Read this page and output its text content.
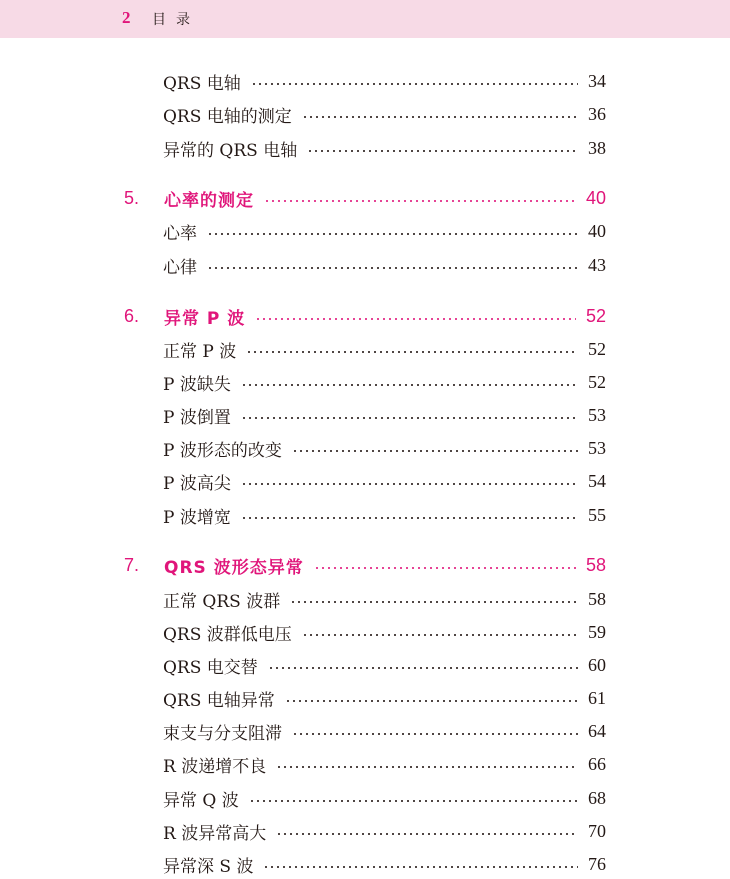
2 目录
QRS 电轴	34
QRS 电轴的测定	36
异常的 QRS 电轴	38
5.	心率的测定	40
心率	40
心律	43
6.	异常 P 波	52
正常 P 波	52
P 波缺失	52
P 波倒置	53
P 波形态的改变	53
P 波高尖	54
P 波增宽	55
7.	QRS 波形态异常	58
正常 QRS 波群	58
QRS 波群低电压	59
QRS 电交替	60
QRS 电轴异常	61
束支与分支阻滞	64
R 波递增不良	66
异常 Q 波	68
R 波异常高大	70
异常深 S 波	76
